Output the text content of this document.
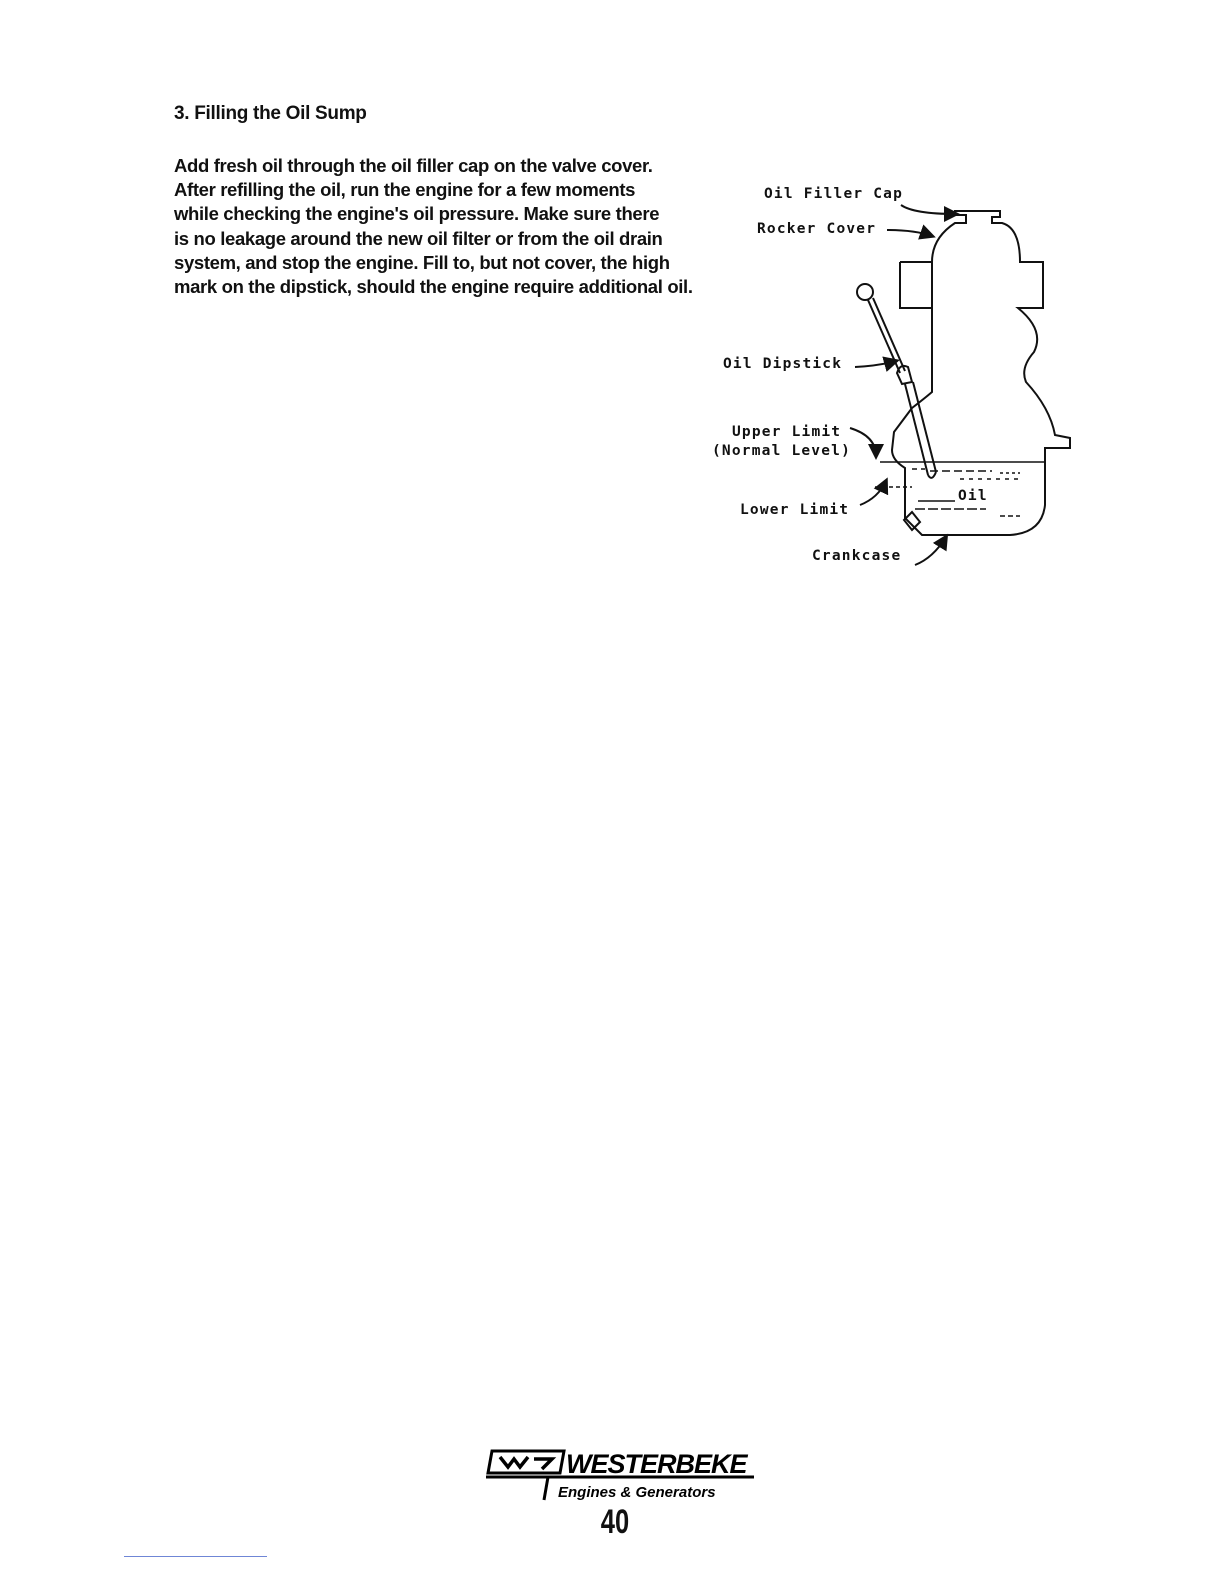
3. Filling the Oil Sump
Add fresh oil through the oil filler cap on the valve cover.
After refilling the oil, run the engine for a few moments
while checking the engine's oil pressure. Make sure there
is no leakage around the new oil filter or from the oil drain
system, and stop the engine. Fill to, but not cover, the high
mark on the dipstick, should the engine require additional oil.
Oil Filler Cap
Rocker Cover
Oil Dipstick
Upper Limit
(Normal Level)
Lower Limit
Oil
Crankcase
WESTERBEKE
Engines & Generators
40
